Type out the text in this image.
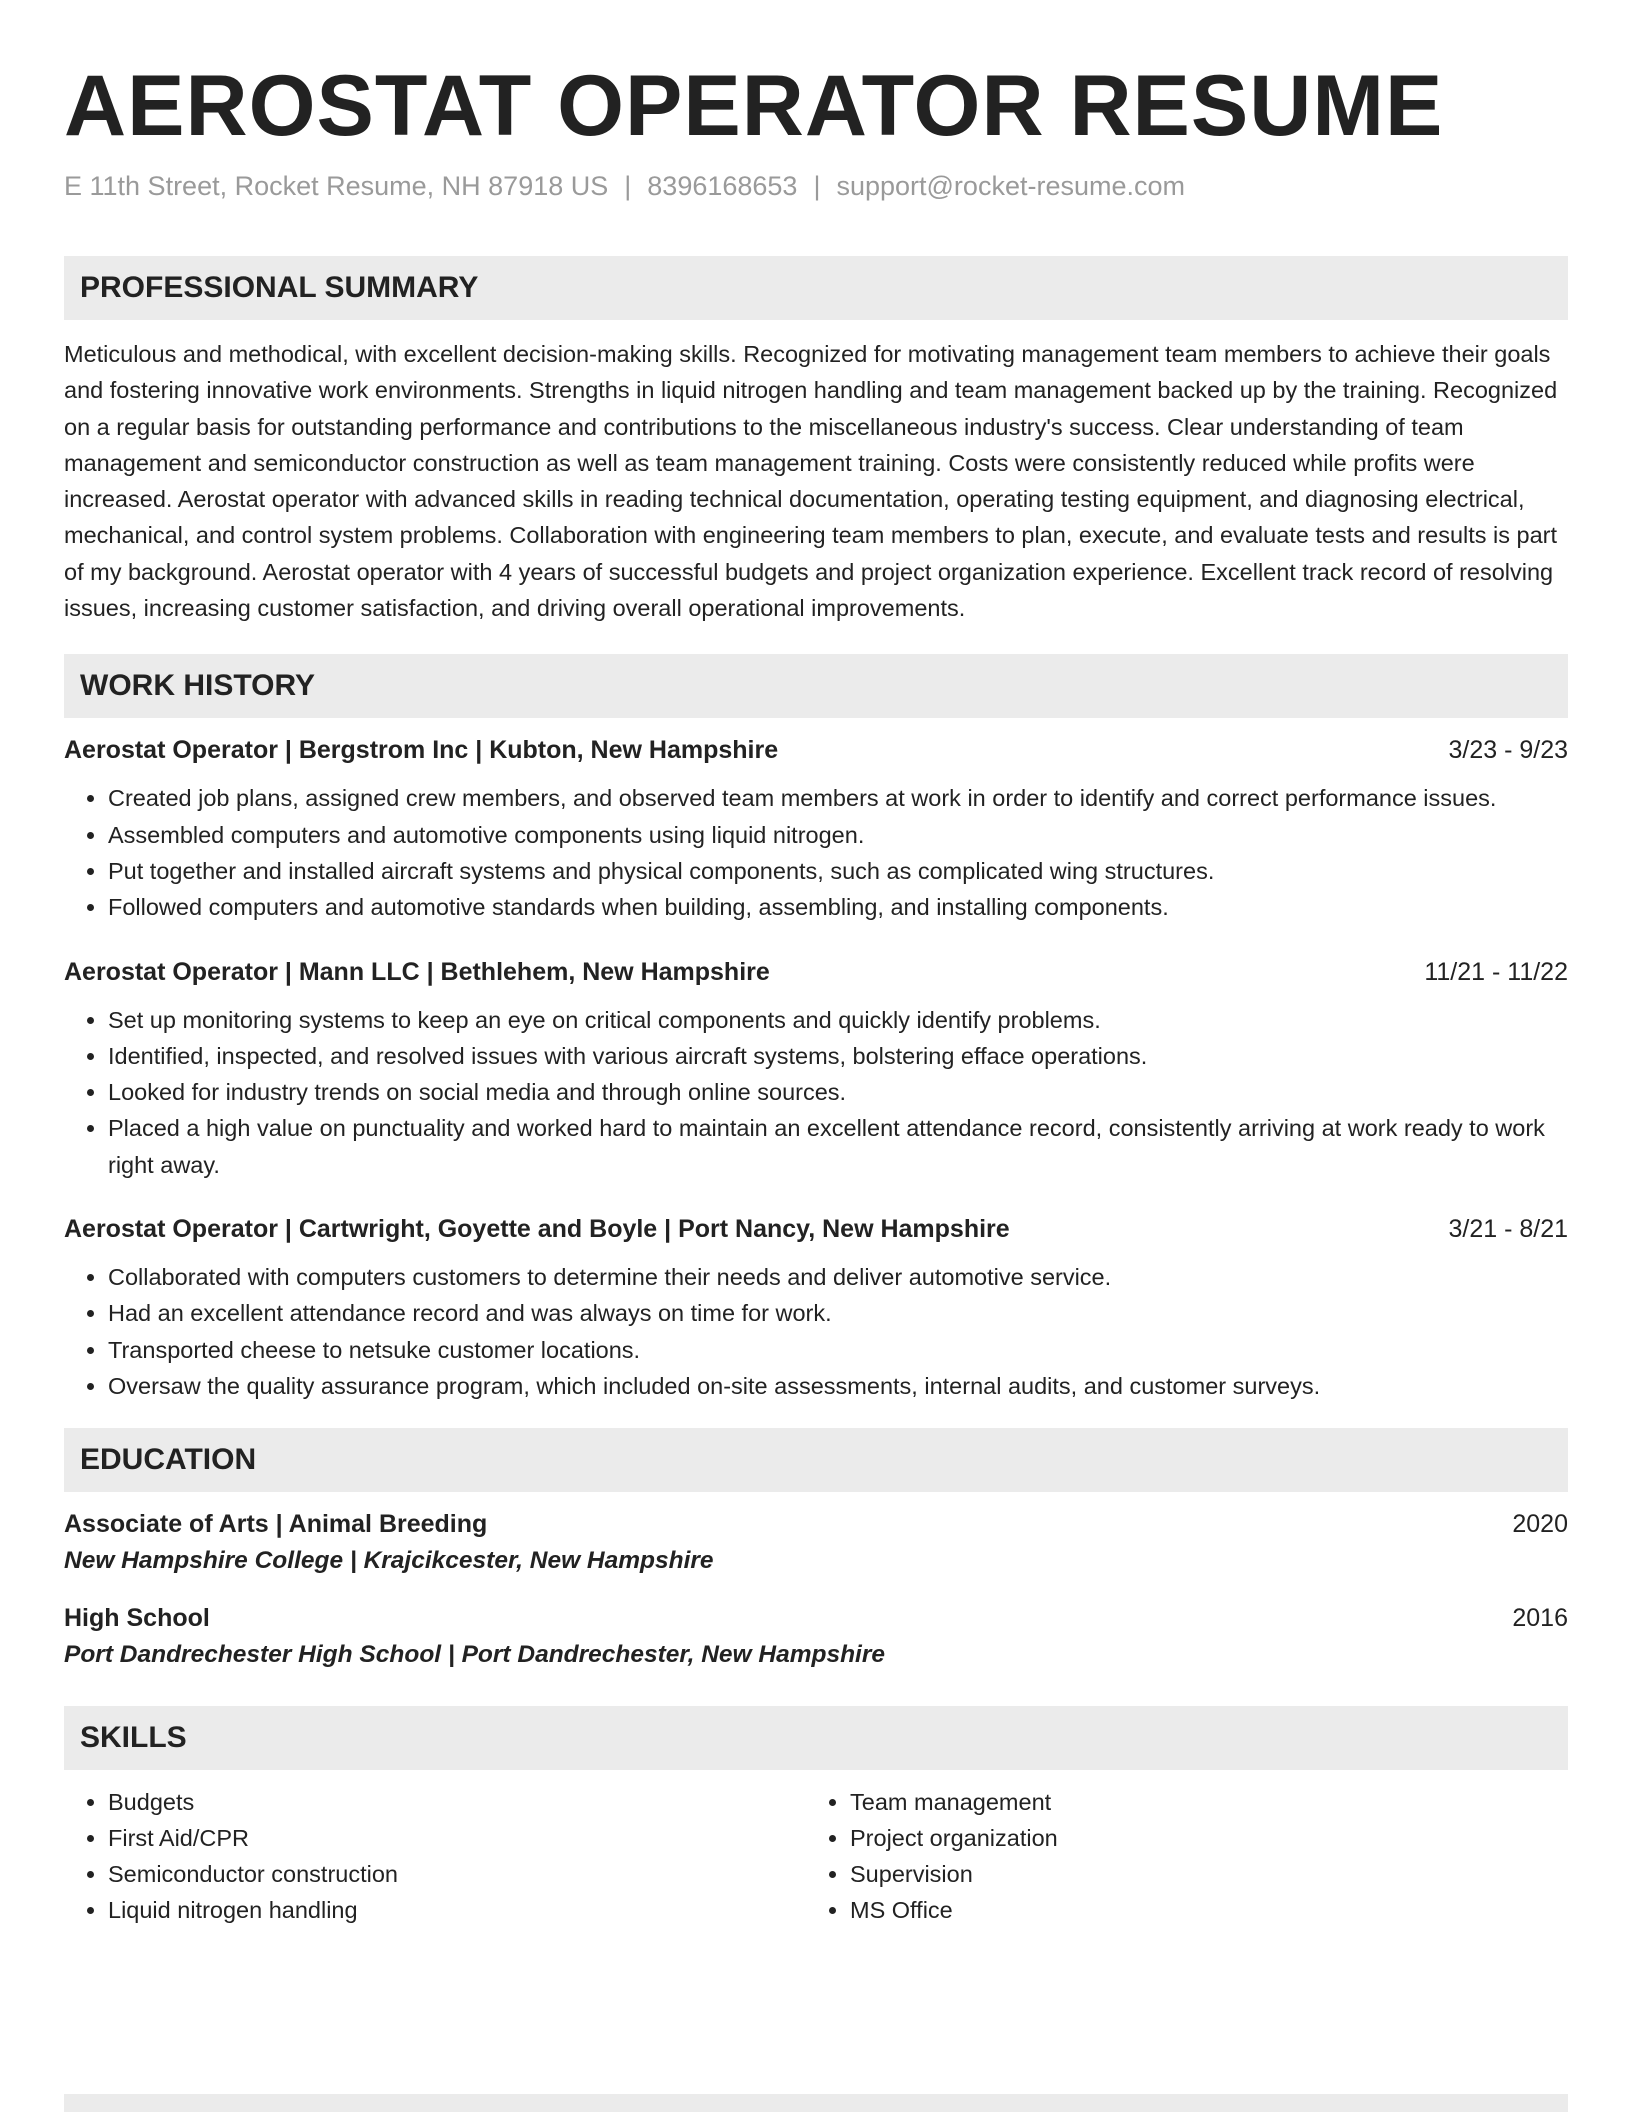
AEROSTAT OPERATOR RESUME
E 11th Street, Rocket Resume, NH 87918 US | 8396168653 | support@rocket-resume.com
PROFESSIONAL SUMMARY

Meticulous and methodical, with excellent decision-making skills. Recognized for motivating management team members to achieve their goals and fostering innovative work environments. Strengths in liquid nitrogen handling and team management backed up by the training. Recognized on a regular basis for outstanding performance and contributions to the miscellaneous industry's success. Clear understanding of team management and semiconductor construction as well as team management training. Costs were consistently reduced while profits were increased. Aerostat operator with advanced skills in reading technical documentation, operating testing equipment, and diagnosing electrical, mechanical, and control system problems. Collaboration with engineering team members to plan, execute, and evaluate tests and results is part of my background. Aerostat operator with 4 years of successful budgets and project organization experience. Excellent track record of resolving issues, increasing customer satisfaction, and driving overall operational improvements.

WORK HISTORY
Aerostat Operator | Bergstrom Inc | Kubton, New Hampshire	3/23 - 9/23
• Created job plans, assigned crew members, and observed team members at work in order to identify and correct performance issues.
• Assembled computers and automotive components using liquid nitrogen.
• Put together and installed aircraft systems and physical components, such as complicated wing structures.
• Followed computers and automotive standards when building, assembling, and installing components.
Aerostat Operator | Mann LLC | Bethlehem, New Hampshire	11/21 - 11/22
• Set up monitoring systems to keep an eye on critical components and quickly identify problems.
• Identified, inspected, and resolved issues with various aircraft systems, bolstering efface operations.
• Looked for industry trends on social media and through online sources.
• Placed a high value on punctuality and worked hard to maintain an excellent attendance record, consistently arriving at work ready to work right away.
Aerostat Operator | Cartwright, Goyette and Boyle | Port Nancy, New Hampshire	3/21 - 8/21
• Collaborated with computers customers to determine their needs and deliver automotive service.
• Had an excellent attendance record and was always on time for work.
• Transported cheese to netsuke customer locations.
• Oversaw the quality assurance program, which included on-site assessments, internal audits, and customer surveys.
EDUCATION
Associate of Arts | Animal Breeding	2020
New Hampshire College | Krajcikcester, New Hampshire
High School	2016
Port Dandrechester High School | Port Dandrechester, New Hampshire
SKILLS
• Budgets
• First Aid/CPR
• Semiconductor construction
• Liquid nitrogen handling
• Team management
• Project organization
• Supervision
• MS Office
